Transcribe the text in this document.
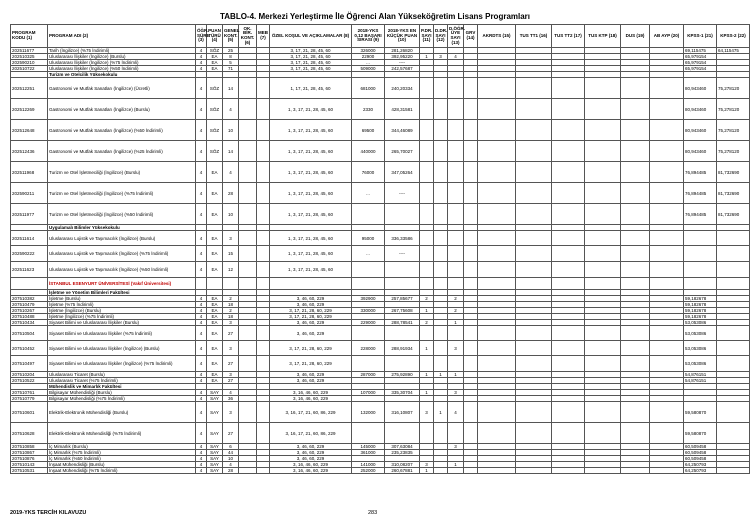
TABLO-4. Merkezi Yerleştirme İle Öğrenci Alan Yükseköğretim Lisans Programları
PROGRAM KODU (1)	PROGRAM ADI (2)	ÖĞR. SÜRE (3)	PUAN TÜRÜ (4)	GENEL KONT. (5)	OK. BİR. KONT. (6)	MEB (7)	ÖZEL KOŞUL VE AÇIKLAMALAR (8)	2018-YKS 0,12 BAŞARI SIRASI (9)	2018-YKS EN KÜÇÜK PUAN (10)	P.DR. SAYI (11)	D.DR. SAYI (12)	D.ÖĞR. ÜYE SAYI (13)	GRV (14)	AKRDTS (15)	TUS TT1 (16)	TUS TT2 (17)	TUS KTP (18)	DUS (19)	AB AYP (20)	KPSS-1 (21)	KPSS-2 (22)
202511677	Tarih (İngilizce) (%75 İndirimli)	4	SÖZ	25			3, 17, 21, 28, 45, 60	326000	281,26820											69,115475	64,115475
202510325	Uluslararası İlişkiler (İngilizce) (Burslu)	4	EA	8			3, 17, 21, 28, 45, 60	22900	392,95220	1	3	4								65,979154	
202590210	Uluslararası İlişkiler (İngilizce) (%75 İndirimli)	4	EA	5			3, 17, 21, 28, 45, 60	...	----											65,979154	
202510722	Uluslararası İlişkiler (İngilizce) (%50 İndirimli)	4	EA	71			3, 17, 21, 28, 45, 60	509000	242,57687											65,979154	
	Turizm ve Otelcilik Yüksekokulu																				
202512251	Gastronomi ve Mutfak Sanatları (İngilizce) (Ücretli)	4	SÖZ	14			1, 17, 21, 28, 45, 60	681000	240,20334											80,943460	75,278120
202512269	Gastronomi ve Mutfak Sanatları (İngilizce) (Burslu)	4	SÖZ	4			1, 3, 17, 21, 28, 45, 60	2330	428,31581											80,943460	75,278120
202512648	Gastronomi ve Mutfak Sanatları (İngilizce) (%50 İndirimli)	4	SÖZ	10			1, 3, 17, 21, 28, 45, 60	69500	344,46089											80,943460	75,278120
202512436	Gastronomi ve Mutfak Sanatları (İngilizce) (%25 İndirimli)	4	SÖZ	14			1, 3, 17, 21, 28, 45, 60	440000	265,70027											80,943460	75,278120
202511968	Turizm ve Otel İşletmeciliği (İngilizce) (Burslu)	4	EA	4			1, 3, 17, 21, 28, 45, 60	76000	347,05264											76,894485	81,732690
202590211	Turizm ve Otel İşletmeciliği (İngilizce) (%75 İndirimli)	4	EA	28			1, 3, 17, 21, 28, 45, 60	...	----											76,894485	81,732690
202511977	Turizm ve Otel İşletmeciliği (İngilizce) (%50 İndirimli)	4	EA	10			1, 3, 17, 21, 28, 45, 60													76,894485	81,732690
	Uygulamalı Bilimler Yüksekokulu																				
202511614	Uluslararası Lojistik ve Taşımacılık (İngilizce) (Burslu)	4	EA	3			1, 3, 17, 21, 28, 45, 60	95000	336,33586												
202590222	Uluslararası Lojistik ve Taşımacılık (İngilizce) (%75 İndirimli)	4	EA	15			1, 3, 17, 21, 28, 45, 60	...	----												
202511623	Uluslararası Lojistik ve Taşımacılık (İngilizce) (%50 İndirimli)	4	EA	12			1, 3, 17, 21, 28, 45, 60														
	İSTANBUL ESENYURT ÜNİVERSİTESİ (Vakıf Üniversitesi)																				
	İşletme ve Yönetim Bilimleri Fakültesi																				
207510382	İşletme (Burslu)	4	EA	2			3, 46, 60, 229	392900	257,85677	2		2								59,182678	
207510479	İşletme (%75 İndirimli)	4	EA	18			3, 46, 60, 229													59,182678	
207510267	İşletme (İngilizce) (Burslu)	4	EA	2			3, 17, 21, 28, 60, 229	330000	267,75608	1		2								59,182678	
207510488	İşletme (İngilizce) (%75 İndirimli)	4	EA	18			3, 17, 21, 28, 60, 229													59,182678	
207510434	Siyaset Bilimi ve Uluslararası İlişkiler (Burslu)	4	EA	3			3, 46, 60, 229	229000	288,78541	2		1								53,053086	
207510504	Siyaset Bilimi ve Uluslararası İlişkiler (%75 İndirimli)	4	EA	27			3, 46, 60, 229													53,053086	
207510452	Siyaset Bilimi ve Uluslararası İlişkiler (İngilizce) (Burslu)	4	EA	3			3, 17, 21, 28, 60, 229	228000	288,91934	1		3								53,053086	
207510497	Siyaset Bilimi ve Uluslararası İlişkiler (İngilizce) (%75 İndirimli)	4	EA	27			3, 17, 21, 28, 60, 229													53,053086	
207510204	Uluslararası Ticaret (Burslu)	4	EA	3			3, 46, 60, 229	287000	275,92890	1	1	1								54,876151	
207510522	Uluslararası Ticaret (%75 İndirimli)	4	EA	27			3, 46, 60, 229													54,876151	
	Mühendislik ve Mimarlık Fakültesi																				
207510761	Bilgisayar Mühendisliği (Burslu)	4	SAY	4			3, 16, 46, 60, 229	107000	335,30704	1		3									
207510779	Bilgisayar Mühendisliği (%75 İndirimli)	4	SAY	36			3, 16, 46, 60, 229														
207510601	Elektrik-Elektronik Mühendisliği (Burslu)	4	SAY	3			3, 16, 17, 21, 60, 86, 229	132000	316,10807	3	1	4								59,580870	
207510628	Elektrik-Elektronik Mühendisliği (%75 İndirimli)	4	SAY	27			3, 16, 17, 21, 60, 86, 229													59,580870	
207510858	İç Mimarlık (Burslu)	4	SAY	6			3, 46, 60, 229	145000	307,63084			3								60,509458	
207510867	İç Mimarlık (%75 İndirimli)	4	SAY	44			3, 46, 60, 229	361000	235,23835											60,509458	
207510876	İç Mimarlık (%50 İndirimli)	4	SAY	10			3, 46, 60, 229													60,509458	
207510143	İnşaat Mühendisliği (Burslu)	4	SAY	4			3, 16, 46, 60, 229	141000	310,08207	3		1								64,250793	
207510531	İnşaat Mühendisliği (%75 İndirimli)	4	SAY	28			3, 16, 46, 60, 229	252000	260,67881	1										64,250793	
2019-YKS TERCİH KILAVUZU	283
